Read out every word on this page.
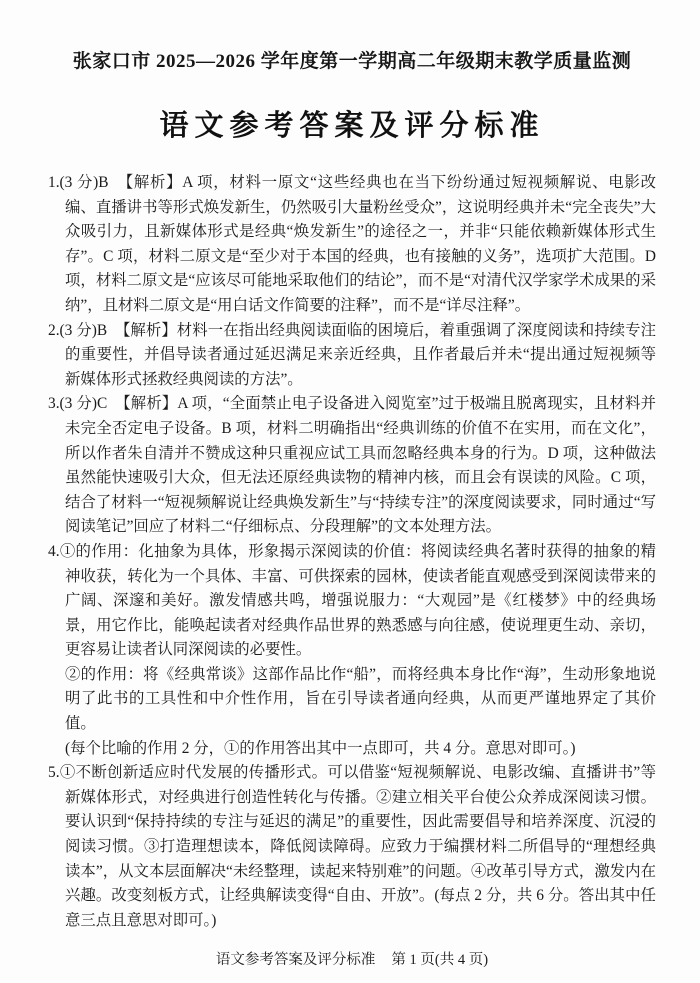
张家口市 2025—2026 学年度第一学期高二年级期末教学质量监测
语文参考答案及评分标准

1.(3 分)B　【解析】A 项，材料一原文“这些经典也在当下纷纷通过短视频解说、电影改编、直播讲书等形式焕发新生，仍然吸引大量粉丝受众”，这说明经典并未“完全丧失”大众吸引力，且新媒体形式是经典“焕发新生”的途径之一，并非“只能依赖新媒体形式生存”。C 项，材料二原文是“至少对于本国的经典，也有接触的义务”，选项扩大范围。D 项，材料二原文是“应该尽可能地采取他们的结论”，而不是“对清代汉学家学术成果的采纳”，且材料二原文是“用白话文作简要的注释”，而不是“详尽注释”。

2.(3 分)B　【解析】材料一在指出经典阅读面临的困境后，着重强调了深度阅读和持续专注的重要性，并倡导读者通过延迟满足来亲近经典，且作者最后并未“提出通过短视频等新媒体形式拯救经典阅读的方法”。

3.(3 分)C　【解析】A 项，“全面禁止电子设备进入阅览室”过于极端且脱离现实，且材料并未完全否定电子设备。B 项，材料二明确指出“经典训练的价值不在实用，而在文化”，所以作者朱自清并不赞成这种只重视应试工具而忽略经典本身的行为。D 项，这种做法虽然能快速吸引大众，但无法还原经典读物的精神内核，而且会有误读的风险。C 项，结合了材料一“短视频解说让经典焕发新生”与“持续专注”的深度阅读要求，同时通过“写阅读笔记”回应了材料二“仔细标点、分段理解”的文本处理方法。

4.①的作用：化抽象为具体，形象揭示深阅读的价值：将阅读经典名著时获得的抽象的精神收获，转化为一个具体、丰富、可供探索的园林，使读者能直观感受到深阅读带来的广阔、深邃和美好。激发情感共鸣，增强说服力：“大观园”是《红楼梦》中的经典场景，用它作比，能唤起读者对经典作品世界的熟悉感与向往感，使说理更生动、亲切，更容易让读者认同深阅读的必要性。

②的作用：将《经典常谈》这部作品比作“船”，而将经典本身比作“海”，生动形象地说明了此书的工具性和中介性作用，旨在引导读者通向经典，从而更严谨地界定了其价值。

(每个比喻的作用 2 分，①的作用答出其中一点即可，共 4 分。意思对即可。)

5.①不断创新适应时代发展的传播形式。可以借鉴“短视频解说、电影改编、直播讲书”等新媒体形式，对经典进行创造性转化与传播。②建立相关平台使公众养成深阅读习惯。要认识到“保持持续的专注与延迟的满足”的重要性，因此需要倡导和培养深度、沉浸的阅读习惯。③打造理想读本，降低阅读障碍。应致力于编撰材料二所倡导的“理想经典读本”，从文本层面解决“未经整理，读起来特别难”的问题。④改革引导方式，激发内在兴趣。改变刻板方式，让经典解读变得“自由、开放”。(每点 2 分，共 6 分。答出其中任意三点且意思对即可。)

语文参考答案及评分标准 第 1 页(共 4 页)
